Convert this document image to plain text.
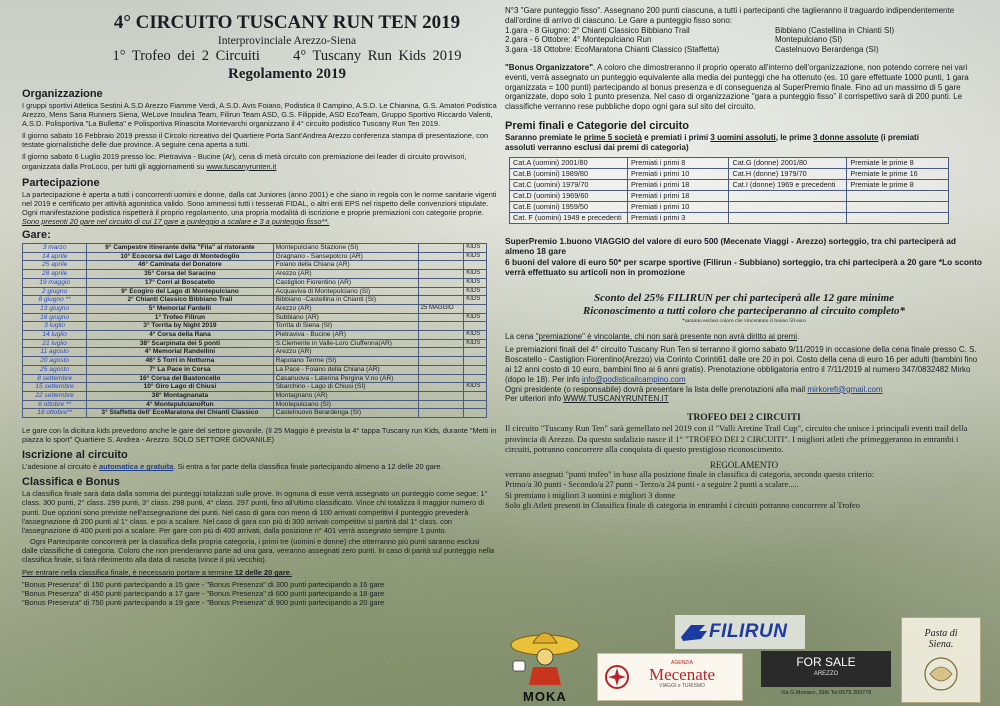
4° CIRCUITO TUSCANY RUN TEN 2019
Interprovinciale Arezzo-Siena
1° Trofeo dei 2 Circuiti     4° Tuscany Run Kids 2019
Regolamento 2019
Organizzazione

I gruppi sportivi Atletica Sestini A.S.D Arezzo Fiamme Verdi, A.S.D. Avis Foiano, Podistica Il Campino, A.S.D. Le Chianina, G.S. Amatori Podistica Arezzo, Mens Sana Runners Siena, WeLove Insulina Team, Filirun Team ASD, G.S. Filippide, ASD EcoTeam, Gruppo Sportivo Riccardo Valenti, A.S.D. Polisportiva "La Bulletta" e Polisportiva Rinascita Montevarchi organizzano il 4° circuito podistico Tuscany Run Ten 2019.

Il giorno sabato 16 Febbraio 2019 presso il Circolo ricreativo del Quartiere Porta Sant'Andrea Arezzo conferenza stampa di presentazione, con testate giornalistiche delle due province. A seguire cena aperta a tutti.

Il giorno sabato 6 Luglio 2019 presso loc. Pietraviva - Bucine (Ar), cena di metà circuito con premiazione dei leader di circuito provvisori, organizzata dalla ProLoco, per tutti gli aggiornamenti su www.tuscanyrunten.it

Partecipazione

La partecipazione è aperta a tutti i concorrenti uomini e donne, dalla cat Juniores (anno 2001) e che siano in regola con le norme sanitarie vigenti nel 2019 e certificato per attività agonistica valido. Sono ammessi tutti i tesserati FIDAL, o altri enti EPS nel rispetto delle convenzioni stipulate. Ogni manifestazione podistica rispetterà il proprio regolamento, una propria modalità di iscrizione e proprie premiazioni con categorie proprie.

Sono presenti 20 gare nel circuito di cui 17 gare a punteggio a scalare e 3 a punteggio fisso**.

Gare:
3 marzo	9° Campestre itinerante della "Fila" al ristorante	Montepulciano Stazione (SI)		KIDS
14 aprile	10° Ecocorsa del Lago di Montedoglio	Gragnano - Sansepolcro (AR)		KIDS
25 aprile	46° Caminata del Donatore	Foiano della Chiana (AR)		
28 aprile	35° Corsa del Saracino	Arezzo (AR)		KIDS
19 maggio	17° Corri al Boscatello	Castiglion Fiorentino (AR)		KIDS
2 giugno	9° Ecogiro del Lago di Montepulciano	Acquaviva di Montepulciano (SI)		KIDS
8 giugno **	2° Chianti Classico Bibbiano Trail	Bibbiano -Castellina in Chianti (SI)		KIDS
13 giugno	5° Memorial Fardelli	Arezzo (AR)	25 MAGGIO	
16 giugno	1° Trofeo Filirun	Subbiano (AR)		KIDS
3 luglio	3° Torrita by Night 2019	Torrita di Siena (SI)		
14 luglio	4° Corsa della Rana	Pietraviva - Bucine (AR)		KIDS
21 luglio	38° Scarpinata dei 5 ponti	S.Clemente in Valle-Loro Ciuffenna(AR)		KIDS
11 agosto	4° Memorial Randellini	Arezzo (AR)		
20 agosto	46° 5 Torri in Notturna	Rapolano Terme (SI)		
25 agosto	7° La Pace in Corsa	La Pace - Foiano della Chiana (AR)		
8 settembre	16° Corsa del Bastoncello	Casanuova - Laterina Pergine V.no (AR)		
15 settembre	10° Giro Lago di Chiusi	Sbarchino - Lago di Chiusi (SI)		KIDS
22 settembre	38° Montagnanata	Montagnano (AR)		
6 ottobre **	4° MontepulcianoRun	Montepulciano (SI)		
18 ottobre**	3° Staffetta dell' EcoMaratona del Chianti Classico	Castelnuovo Berardenga (SI)		

Le gare con la dicitura kids prevedono anche le gare del settore giovanile. (Il 25 Maggio è prevista la 4° tappa Tuscany run Kids, durante "Metti in piazza lo sport" Quartiere S. Andrea - Arezzo. SOLO SETTORE GIOVANILE)

Iscrizione al circuito

L'adesione al circuito è automatica e gratuita. Si entra a far parte della classifica finale partecipando almeno a 12 delle 20 gare.

Classifica e Bonus

La classifica finale sarà data dalla somma dei punteggi totalizzati sulle prove. In ognuna di esse verrà assegnato un punteggio come segue: 1° class. 300 punti, 2° class. 299 punti, 3° class. 298 punti, 4° class. 297 punti, fino all'ultimo classificato. Vince chi totalizza il maggior numero di punti. Due opzioni sono previste nell'assegnazione dei punti. Nel caso di gara con meno di 100 arrivati competitivi il punteggio prevederà l'assegnazione di 200 punti al 1° class. e poi a scalare. Nel caso di gara con più di 300 arrivati competitivi si partirà dal 1° class. con l'assegnazione di 400 punti poi a scalare. Per gare con più di 400 arrivati, dalla posizione n° 401 verrà assegnato sempre 1 punto.

Ogni Partecipante concorrerà per la classifica della propria categoria, i primi tre (uomini e donne) che otterranno più punti saranno esclusi dalle classifiche di categoria. Coloro che non prenderanno parte ad una gara, verranno assegnati zero punti. In caso di parità sul punteggio nella classifica finale, si farà riferimento alla data di nascita (vince il più vecchio).

Per entrare nella classifica finale, è necessario portare a termine 12 delle 20 gare.

"Bonus Presenza" di 150 punti partecipando a 15 gare - "Bonus Presenza" di 300 punti partecipando a 16 gare

"Bonus Presenza" di 450 punti partecipando a 17 gare - "Bonus Presenza" di 600 punti partecipando a 18 gare

"Bonus Presenza" di 750 punti partecipando a 19 gare - "Bonus Presenza" di 900 punti partecipando a 20 gare

N°3 "Gare punteggio fisso". Assegnano 200 punti ciascuna, a tutti i partecipanti che taglieranno il traguardo indipendentemente dall'ordine di arrivo di ciascuno. Le Gare a punteggio fisso sono:

1.gara - 8 Giugno: 2° Chianti Classico Bibbiano Trail	Bibbiano (Castellina in Chianti SI)

2.gara - 6 Ottobre: 4° Montepulciano Run	Montepulciano (SI)

3.gara -18 Ottobre: EcoMaratona Chianti Classico (Staffetta)	Castelnuovo Berardenga (SI)

"Bonus Organizzatore". A coloro che dimostreranno il proprio operato all'interno dell'organizzazione, non potendo correre nei vari eventi, verrà assegnato un punteggio equivalente alla media dei punteggi che ha ottenuto (es. 10 gare effettuate 1000 punti, 1 gara organizzata = 100 punti) partecipando al bonus presenza e di conseguenza al SuperPremio finale. Fino ad un massimo di 5 gare organizzate, dopo solo 1 punto presenza. Nel caso di organizzazione "gara a punteggio fisso" il corrispettivo sarà di 200 punti. Le classifiche verranno rese pubbliche dopo ogni gara sul sito del circuito.

Premi finali e Categorie del circuito

Saranno premiate le prime 5 società e premiati i primi 3 uomini assoluti, le prime 3 donne assolute (i premiati

assoluti verranno esclusi dai premi di categoria)

Cat.A (uomini) 2001/80	Premiati i primi 8	Cat.G (donne) 2001/80	Premiate le prime 8
Cat.B (uomini) 1989/80	Premiati i primi 10	Cat.H (donne) 1979/70	Premiate le prime 16
Cat.C (uomini) 1979/70	Premiati i primi 18	Cat.I (donne) 1969 e precedenti	Premiate le prime 8
Cat.D (uomini) 1969/60	Premiati i primi 18		
Cat.E (uomini) 1959/50	Premiati i primi 10		
Cat. F (uomini) 1949 e precedenti	Premiati i primi 3		

SuperPremio 1.buono VIAGGIO del valore di euro 500 (Mecenate Viaggi - Arezzo) sorteggio, tra chi parteciperà ad almeno 18 gare

6 buoni del valore di euro 50* per scarpe sportive (Filirun - Subbiano) sorteggio, tra chi parteciperà a 20 gare *Lo sconto verrà effettuato su articoli non in promozione

Sconto del 25% FILIRUN per chi parteciperà alle 12 gare minime
Riconoscimento a tutti coloro che parteciperanno al circuito completo*
*saranno esclusi coloro che vinceranno il buono 50 euro

La cena "premiazione" è vincolante, chi non sarà presente non avrà diritto ai premi.

Le premiazioni finali del 4° circuito Tuscany Run Ten si terranno il giorno sabato 9/11/2019 in occasione della cena finale presso C. S. Boscatello - Castiglion Fiorentino(Arezzo) via Corinto Corinti61 dalle ore 20 in poi. Costo della cena di euro 16 per adulti (bambini fino ai 12 anni costo di 10 euro, bambini fino ai 6 anni gratis). Prenotazione obbligatoria entro il 7/11/2019 al numero 347/0832482 Mirko (dopo le 18). Per info info@podisticailcampino.com

Ogni presidente (o responsabile) dovrà presentare la lista delle prenotazioni alla mail mirkorefi@gmail.com

Per ulteriori info WWW.TUSCANYRUNTEN.IT

TROFEO DEI 2 CIRCUITI

Il circuito "Tuscany Run Ten" sarà gemellato nel 2019 con il "Valli Aretine Trail Cup", circuito che unisce i principali eventi trail della provincia di Arezzo. Da questo sodalizio nasce il 1° "TROFEO DEI 2 CIRCUITI". I migliori atleti che primeggeranno in entrambi i circuiti, potranno concorrere alla conquista di questo prestigioso riconoscimento.

REGOLAMENTO

verrano assegnati "punti trofeo" in base alla posizione finale in classifica di categoria, secondo questo criterio:

Primo/a 30 punti - Secondo/a 27 punti - Terzo/a 24 punti - a seguire 2 punti a scalare.....

Si premiano i migliori 3 uomini e migliori 3 donne

Solo gli Atleti presenti in Classifica finale di categoria in entrambi i circuiti potranno concorrere al Trofeo

MOKA
FILIRUN
AGENZIA
Mecenate
VIAGGI e TURISMO
FOR SALE
AREZZO
Via G.Monaco, 39/b Tel.0575.300778
Pasta di
Siena.
